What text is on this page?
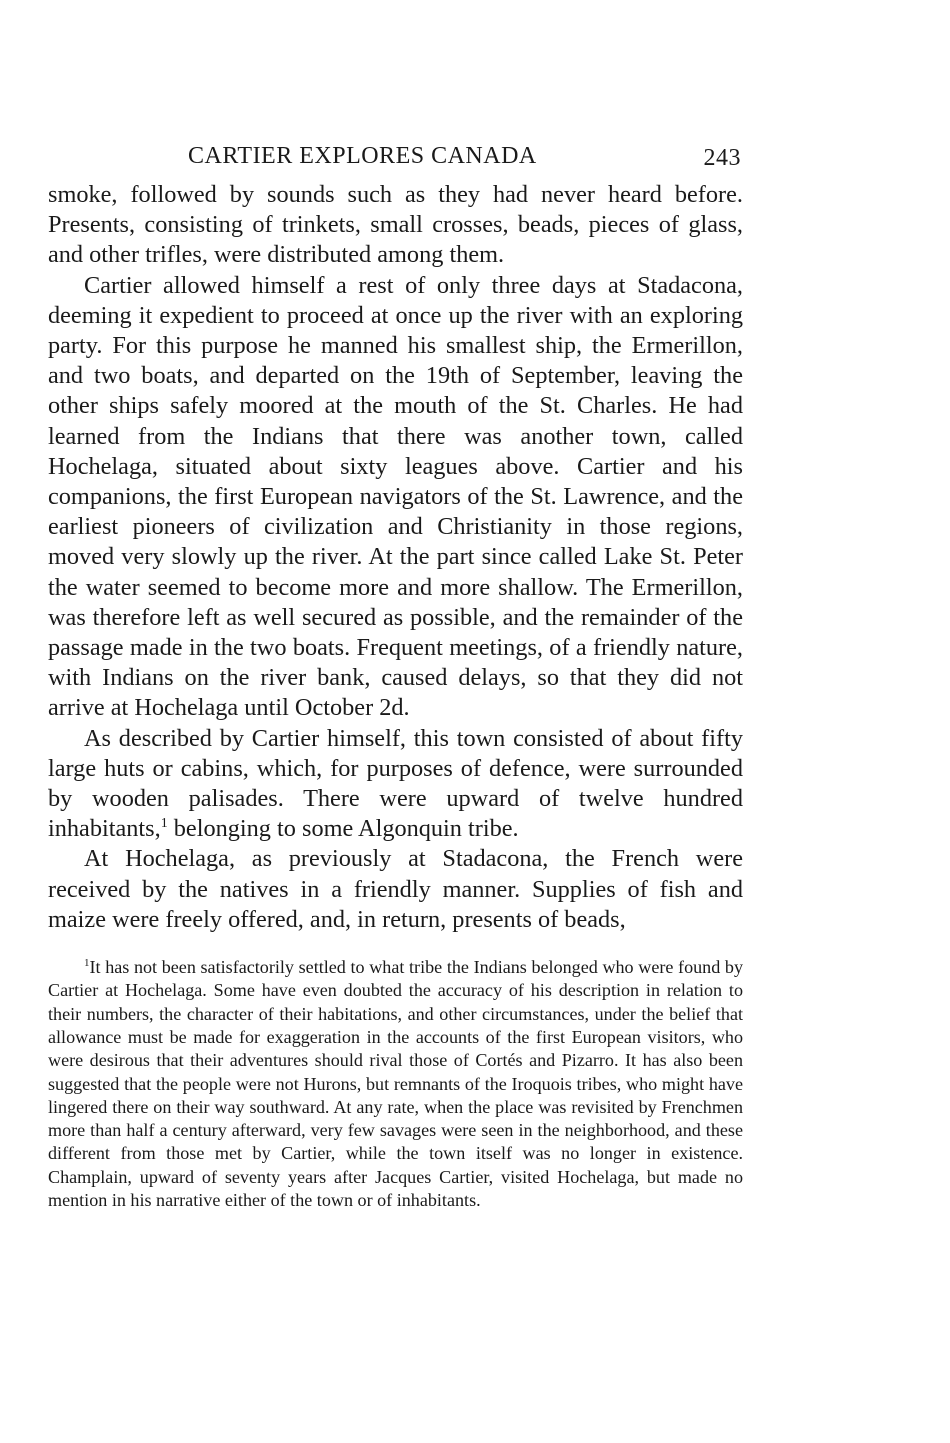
CARTIER EXPLORES CANADA	243

smoke, followed by sounds such as they had never heard before. Presents, consisting of trinkets, small crosses, beads, pieces of glass, and other trifles, were distributed among them.

Cartier allowed himself a rest of only three days at Stadacona, deeming it expedient to proceed at once up the river with an exploring party. For this purpose he manned his smallest ship, the Ermerillon, and two boats, and departed on the 19th of September, leaving the other ships safely moored at the mouth of the St. Charles. He had learned from the Indians that there was another town, called Hochelaga, situated about sixty leagues above. Cartier and his companions, the first European navigators of the St. Lawrence, and the earliest pioneers of civilization and Christianity in those regions, moved very slowly up the river. At the part since called Lake St. Peter the water seemed to become more and more shallow. The Ermerillon, was therefore left as well secured as possible, and the remainder of the passage made in the two boats. Frequent meetings, of a friendly nature, with Indians on the river bank, caused delays, so that they did not arrive at Hochelaga until October 2d.

As described by Cartier himself, this town consisted of about fifty large huts or cabins, which, for purposes of defence, were surrounded by wooden palisades. There were upward of twelve hundred inhabitants,$^1$ belonging to some Algonquin tribe.

At Hochelaga, as previously at Stadacona, the French were received by the natives in a friendly manner. Supplies of fish and maize were freely offered, and, in return, presents of beads,

$^1$It has not been satisfactorily settled to what tribe the Indians belonged who were found by Cartier at Hochelaga. Some have even doubted the accuracy of his description in relation to their numbers, the character of their habitations, and other circumstances, under the belief that allowance must be made for exaggeration in the accounts of the first European visitors, who were desirous that their adventures should rival those of Cortés and Pizarro. It has also been suggested that the people were not Hurons, but remnants of the Iroquois tribes, who might have lingered there on their way southward. At any rate, when the place was revisited by Frenchmen more than half a century afterward, very few savages were seen in the neighborhood, and these different from those met by Cartier, while the town itself was no longer in existence. Champlain, upward of seventy years after Jacques Cartier, visited Hochelaga, but made no mention in his narrative either of the town or of inhabitants.
